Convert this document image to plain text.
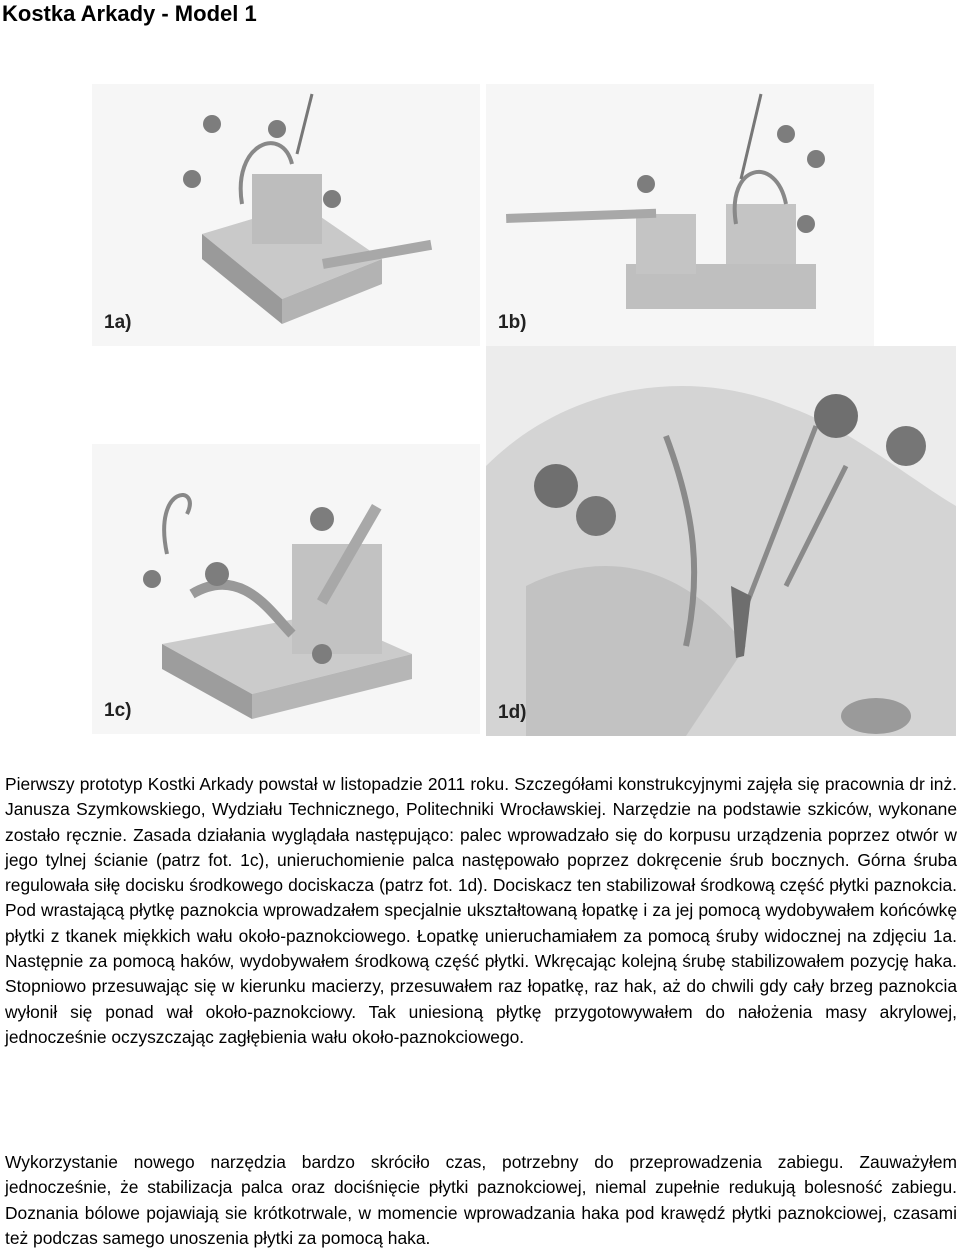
Kostka Arkady - Model 1
1a)	1b)
1c)	1d)
Pierwszy prototyp Kostki Arkady powstał w listopadzie 2011 roku. Szczegółami konstrukcyjnymi zajęła się pracownia dr inż. Janusza Szymkowskiego, Wydziału Technicznego, Politechniki Wrocławskiej. Narzędzie na podstawie szkiców, wykonane zostało ręcznie. Zasada działania wyglądała następująco: palec wprowadzało się do korpusu urządzenia poprzez otwór w jego tylnej ścianie (patrz fot. 1c), unieruchomienie palca następowało poprzez dokręcenie śrub bocznych. Górna śruba regulowała siłę docisku środkowego dociskacza (patrz fot. 1d). Dociskacz ten stabilizował środkową część płytki paznokcia. Pod wrastającą płytkę paznokcia wprowadzałem specjalnie ukształtowaną łopatkę i za jej pomocą wydobywałem końcówkę płytki z tkanek miękkich wału około-paznokciowego. Łopatkę unieruchamiałem za pomocą śruby widocznej na zdjęciu 1a. Następnie za pomocą haków, wydobywałem środkową część płytki. Wkręcając kolejną śrubę stabilizowałem pozycję haka. Stopniowo przesuwając się w kierunku macierzy, przesuwałem raz łopatkę, raz hak, aż do chwili gdy cały brzeg paznokcia wyłonił się ponad wał około-paznokciowy. Tak uniesioną płytkę przygotowywałem do nałożenia masy akrylowej, jednocześnie oczyszczając zagłębienia wału około-paznokciowego.
Wykorzystanie nowego narzędzia bardzo skróciło czas, potrzebny do przeprowadzenia zabiegu. Zauważyłem jednocześnie, że stabilizacja palca oraz dociśnięcie płytki paznokciowej, niemal zupełnie redukują bolesność zabiegu. Doznania bólowe pojawiają sie krótkotrwale, w momencie wprowadzania haka pod krawędź płytki paznokciowej, czasami też podczas samego unoszenia płytki za pomocą haka.
